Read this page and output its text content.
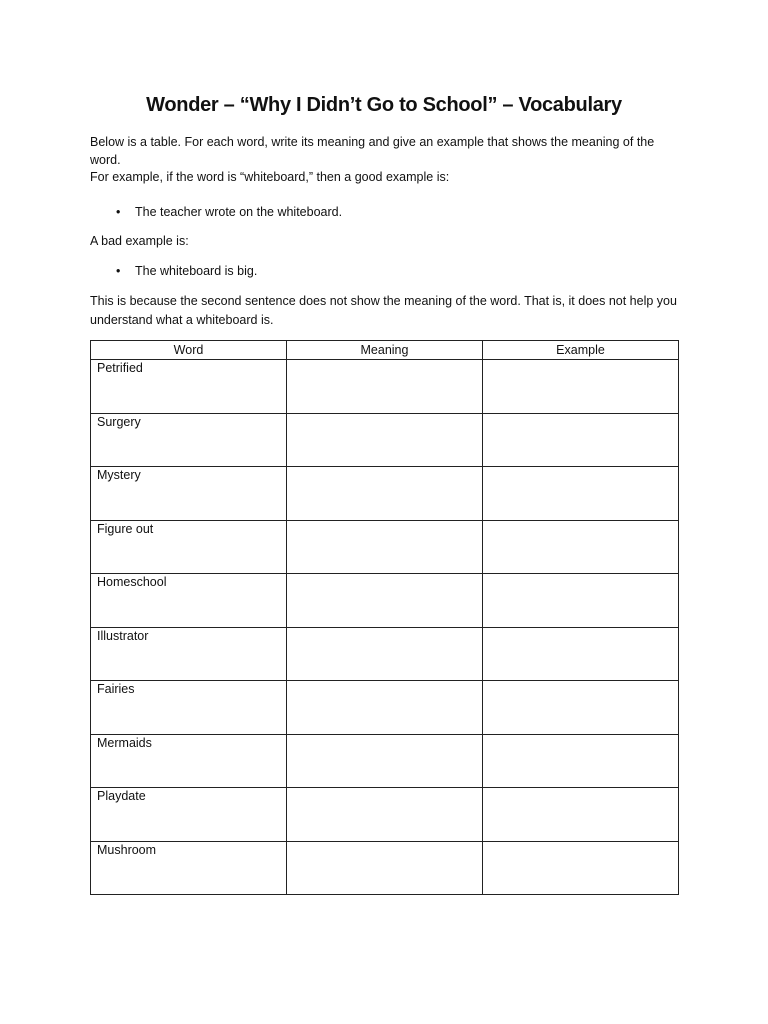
Wonder – “Why I Didn’t Go to School” – Vocabulary

Below is a table. For each word, write its meaning and give an example that shows the meaning of the word.
For example, if the word is “whiteboard,” then a good example is:

• The teacher wrote on the whiteboard.

A bad example is:

• The whiteboard is big.

This is because the second sentence does not show the meaning of the word. That is, it does not help you understand what a whiteboard is.

Word	Meaning	Example
Petrified		
Surgery		
Mystery		
Figure out		
Homeschool		
Illustrator		
Fairies		
Mermaids		
Playdate		
Mushroom		
